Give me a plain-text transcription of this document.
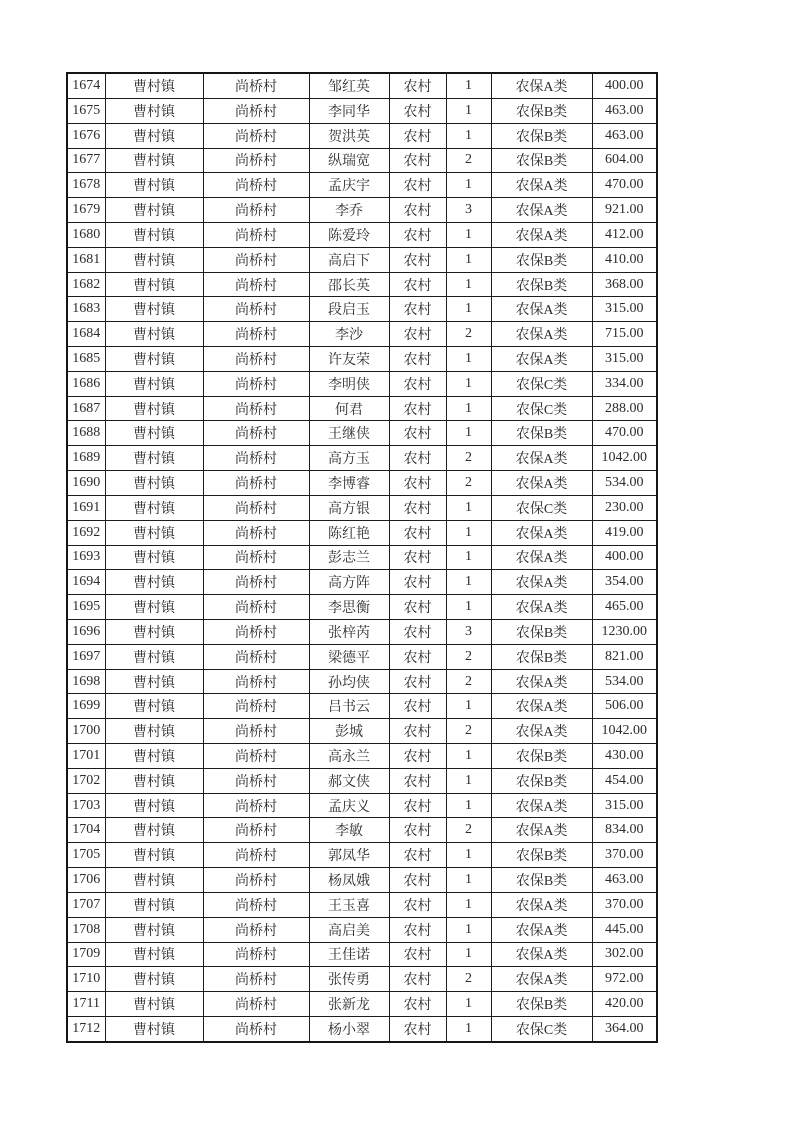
1674	曹村镇	尚桥村	邹红英	农村	1	农保A类	400.00
1675	曹村镇	尚桥村	李同华	农村	1	农保B类	463.00
1676	曹村镇	尚桥村	贺洪英	农村	1	农保B类	463.00
1677	曹村镇	尚桥村	纵瑞宽	农村	2	农保B类	604.00
1678	曹村镇	尚桥村	孟庆宇	农村	1	农保A类	470.00
1679	曹村镇	尚桥村	李乔	农村	3	农保A类	921.00
1680	曹村镇	尚桥村	陈爱玲	农村	1	农保A类	412.00
1681	曹村镇	尚桥村	高启下	农村	1	农保B类	410.00
1682	曹村镇	尚桥村	邵长英	农村	1	农保B类	368.00
1683	曹村镇	尚桥村	段启玉	农村	1	农保A类	315.00
1684	曹村镇	尚桥村	李沙	农村	2	农保A类	715.00
1685	曹村镇	尚桥村	许友荣	农村	1	农保A类	315.00
1686	曹村镇	尚桥村	李明侠	农村	1	农保C类	334.00
1687	曹村镇	尚桥村	何君	农村	1	农保C类	288.00
1688	曹村镇	尚桥村	王继侠	农村	1	农保B类	470.00
1689	曹村镇	尚桥村	高方玉	农村	2	农保A类	1042.00
1690	曹村镇	尚桥村	李博睿	农村	2	农保A类	534.00
1691	曹村镇	尚桥村	高方银	农村	1	农保C类	230.00
1692	曹村镇	尚桥村	陈红艳	农村	1	农保A类	419.00
1693	曹村镇	尚桥村	彭志兰	农村	1	农保A类	400.00
1694	曹村镇	尚桥村	高方阵	农村	1	农保A类	354.00
1695	曹村镇	尚桥村	李思衡	农村	1	农保A类	465.00
1696	曹村镇	尚桥村	张梓芮	农村	3	农保B类	1230.00
1697	曹村镇	尚桥村	梁德平	农村	2	农保B类	821.00
1698	曹村镇	尚桥村	孙均侠	农村	2	农保A类	534.00
1699	曹村镇	尚桥村	吕书云	农村	1	农保A类	506.00
1700	曹村镇	尚桥村	彭城	农村	2	农保A类	1042.00
1701	曹村镇	尚桥村	高永兰	农村	1	农保B类	430.00
1702	曹村镇	尚桥村	郝文侠	农村	1	农保B类	454.00
1703	曹村镇	尚桥村	孟庆义	农村	1	农保A类	315.00
1704	曹村镇	尚桥村	李敏	农村	2	农保A类	834.00
1705	曹村镇	尚桥村	郭凤华	农村	1	农保B类	370.00
1706	曹村镇	尚桥村	杨凤娥	农村	1	农保B类	463.00
1707	曹村镇	尚桥村	王玉喜	农村	1	农保A类	370.00
1708	曹村镇	尚桥村	高启美	农村	1	农保A类	445.00
1709	曹村镇	尚桥村	王佳诺	农村	1	农保A类	302.00
1710	曹村镇	尚桥村	张传勇	农村	2	农保A类	972.00
1711	曹村镇	尚桥村	张新龙	农村	1	农保B类	420.00
1712	曹村镇	尚桥村	杨小翠	农村	1	农保C类	364.00
